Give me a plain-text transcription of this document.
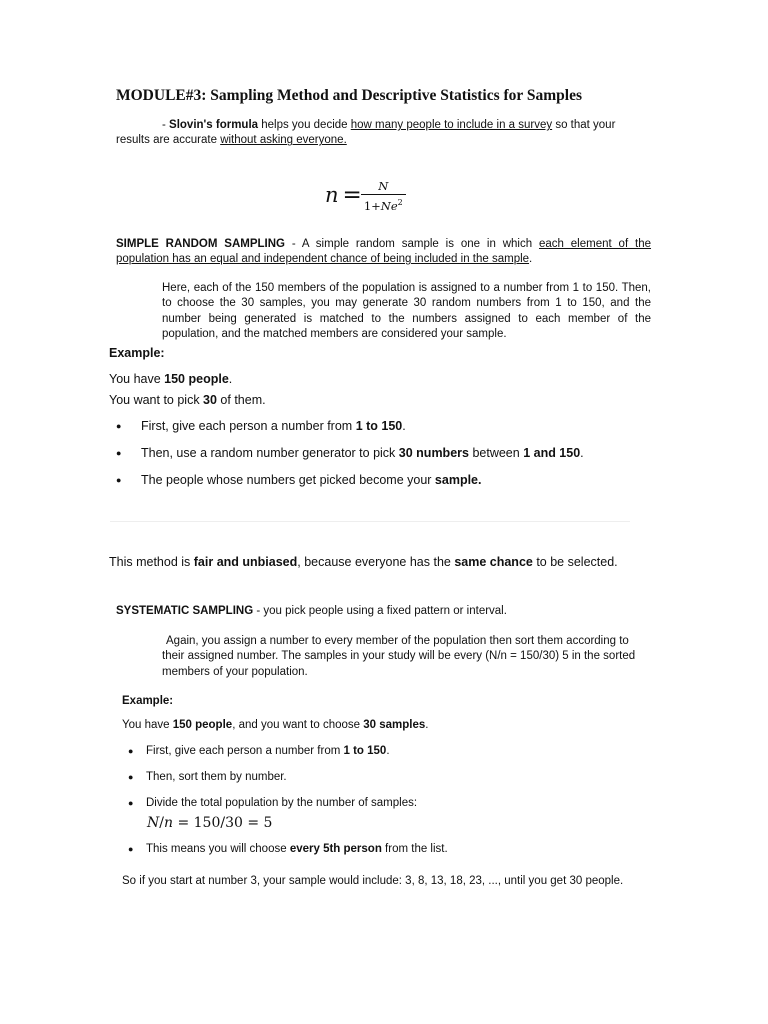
MODULE#3: Sampling Method and Descriptive Statistics for Samples
- Slovin's formula helps you decide how many people to include in a survey so that your
results are accurate without asking everyone.
$n = \frac{N}{1+Ne^2}$
SIMPLE RANDOM SAMPLING - A simple random sample is one in which each element of the population has an equal and independent chance of being included in the sample.
Here, each of the 150 members of the population is assigned to a number from 1 to 150. Then, to choose the 30 samples, you may generate 30 random numbers from 1 to 150, and the number being generated is matched to the numbers assigned to each member of the population, and the matched members are considered your sample.
Example:
You have 150 people.
You want to pick 30 of them.
●	First, give each person a number from 1 to 150.
●	Then, use a random number generator to pick 30 numbers between 1 and 150.
●	The people whose numbers get picked become your sample.
This method is fair and unbiased, because everyone has the same chance to be selected.
SYSTEMATIC SAMPLING - you pick people using a fixed pattern or interval.
Again, you assign a number to every member of the population then sort them according to their assigned number. The samples in your study will be every (N/n = 150/30) 5 in the sorted members of your population.
Example:
You have 150 people, and you want to choose 30 samples.
●	First, give each person a number from 1 to 150.
●	Then, sort them by number.
●	Divide the total population by the number of samples:
N/n = 150/30 = 5
●	This means you will choose every 5th person from the list.
So if you start at number 3, your sample would include: 3, 8, 13, 18, 23, ..., until you get 30 people.
